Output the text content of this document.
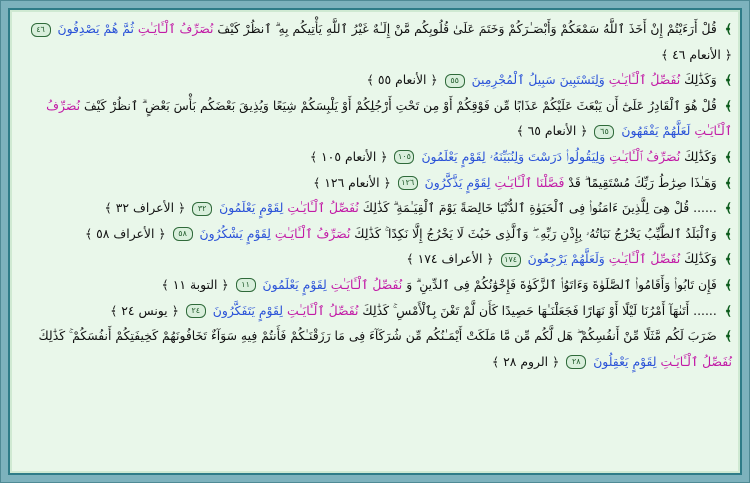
﴾ قُلْ أَرَءَيْتُمْ إِنْ أَخَذَ ٱللَّهُ سَمْعَكُمْ وَأَبْصَـٰرَكُمْ وَخَتَمَ عَلَىٰ قُلُوبِكُم مَّنْ إِلَـٰهٌ غَيْرُ ٱللَّهِ يَأْتِيكُم بِهِ ۗ ٱنظُرْ كَيْفَ نُصَرِّفُ ٱلْـَٔايَـٰتِ ثُمَّ هُمْ يَصْدِفُونَ ٤٦ ﴿ الأنعام ٤٦ ﴾
﴾ وَكَذَٰلِكَ نُفَصِّلُ ٱلْـَٔايَـٰتِ وَلِتَسْتَبِينَ سَبِيلُ ٱلْمُجْرِمِينَ ٥٥ ﴿ الأنعام ٥٥ ﴾
﴾ قُلْ هُوَ ٱلْقَادِرُ عَلَىٰٓ أَن يَبْعَثَ عَلَيْكُمْ عَذَابًا مِّن فَوْقِكُمْ أَوْ مِن تَحْتِ أَرْجُلِكُمْ أَوْ يَلْبِسَكُمْ شِيَعًا وَيُذِيقَ بَعْضَكُم بَأْسَ بَعْضٍ ۗ ٱنظُرْ كَيْفَ نُصَرِّفُ ٱلْـَٔايَـٰتِ لَعَلَّهُمْ يَفْقَهُونَ ٦٥ ﴿ الأنعام ٦٥ ﴾
﴾ وَكَذَٰلِكَ نُصَرِّفُ ٱلْـَٔايَـٰتِ وَلِيَقُولُوا۟ دَرَسْتَ وَلِنُبَيِّنَهُۥ لِقَوْمٍ يَعْلَمُونَ ١٠٥ ﴿ الأنعام ١٠٥ ﴾
﴾ وَهَـٰذَا صِرَٰطُ رَبِّكَ مُسْتَقِيمًا ۗ قَدْ فَصَّلْنَا ٱلْـَٔايَـٰتِ لِقَوْمٍ يَذَّكَّرُونَ ١٢٦ ﴿ الأنعام ١٢٦ ﴾
﴾ ...... قُلْ هِىَ لِلَّذِينَ ءَامَنُوا۟ فِى ٱلْحَيَوٰةِ ٱلدُّنْيَا خَالِصَةً يَوْمَ ٱلْقِيَـٰمَةِ ۗ كَذَٰلِكَ نُفَصِّلُ ٱلْـَٔايَـٰتِ لِقَوْمٍ يَعْلَمُونَ ٣٢ ﴿ الأعراف ٣٢ ﴾
﴾ وَٱلْبَلَدُ ٱلطَّيِّبُ يَخْرُجُ نَبَاتُهُۥ بِإِذْنِ رَبِّهِۦ ۖ وَٱلَّذِى خَبُثَ لَا يَخْرُجُ إِلَّا نَكِدًا ۚ كَذَٰلِكَ نُصَرِّفُ ٱلْـَٔايَـٰتِ لِقَوْمٍ يَشْكُرُونَ ٥٨ ﴿ الأعراف ٥٨ ﴾
﴾ وَكَذَٰلِكَ نُفَصِّلُ ٱلْـَٔايَـٰتِ وَلَعَلَّهُمْ يَرْجِعُونَ ١٧٤ ﴿ الأعراف ١٧٤ ﴾
﴾ فَإِن تَابُوا۟ وَأَقَامُوا۟ ٱلصَّلَوٰةَ وَءَاتَوُا۟ ٱلزَّكَوٰةَ فَإِخْوَٰنُكُمْ فِى ٱلدِّينِ ۗ وَ نُفَصِّلُ ٱلْـَٔايَـٰتِ لِقَوْمٍ يَعْلَمُونَ ١١ ﴿ التوبة ١١ ﴾
﴾ ...... أَتَىٰهَآ أَمْرُنَا لَيْلًا أَوْ نَهَارًا فَجَعَلْنَـٰهَا حَصِيدًا كَأَن لَّمْ تَغْنَ بِٱلْأَمْسِ ۚ كَذَٰلِكَ نُفَصِّلُ ٱلْـَٔايَـٰتِ لِقَوْمٍ يَتَفَكَّرُونَ ٢٤ ﴿ يونس ٢٤ ﴾
﴾ ضَرَبَ لَكُم مَّثَلًا مِّنْ أَنفُسِكُمْ ۖ هَل لَّكُم مِّن مَّا مَلَكَتْ أَيْمَـٰنُكُم مِّن شُرَكَآءَ فِى مَا رَزَقْنَـٰكُمْ فَأَنتُمْ فِيهِ سَوَآءٌ تَخَافُونَهُمْ كَخِيفَتِكُمْ أَنفُسَكُمْ ۚ كَذَٰلِكَ نُفَصِّلُ ٱلْـَٔايَـٰتِ لِقَوْمٍ يَعْقِلُونَ ٢٨ ﴿ الروم ٢٨ ﴾
